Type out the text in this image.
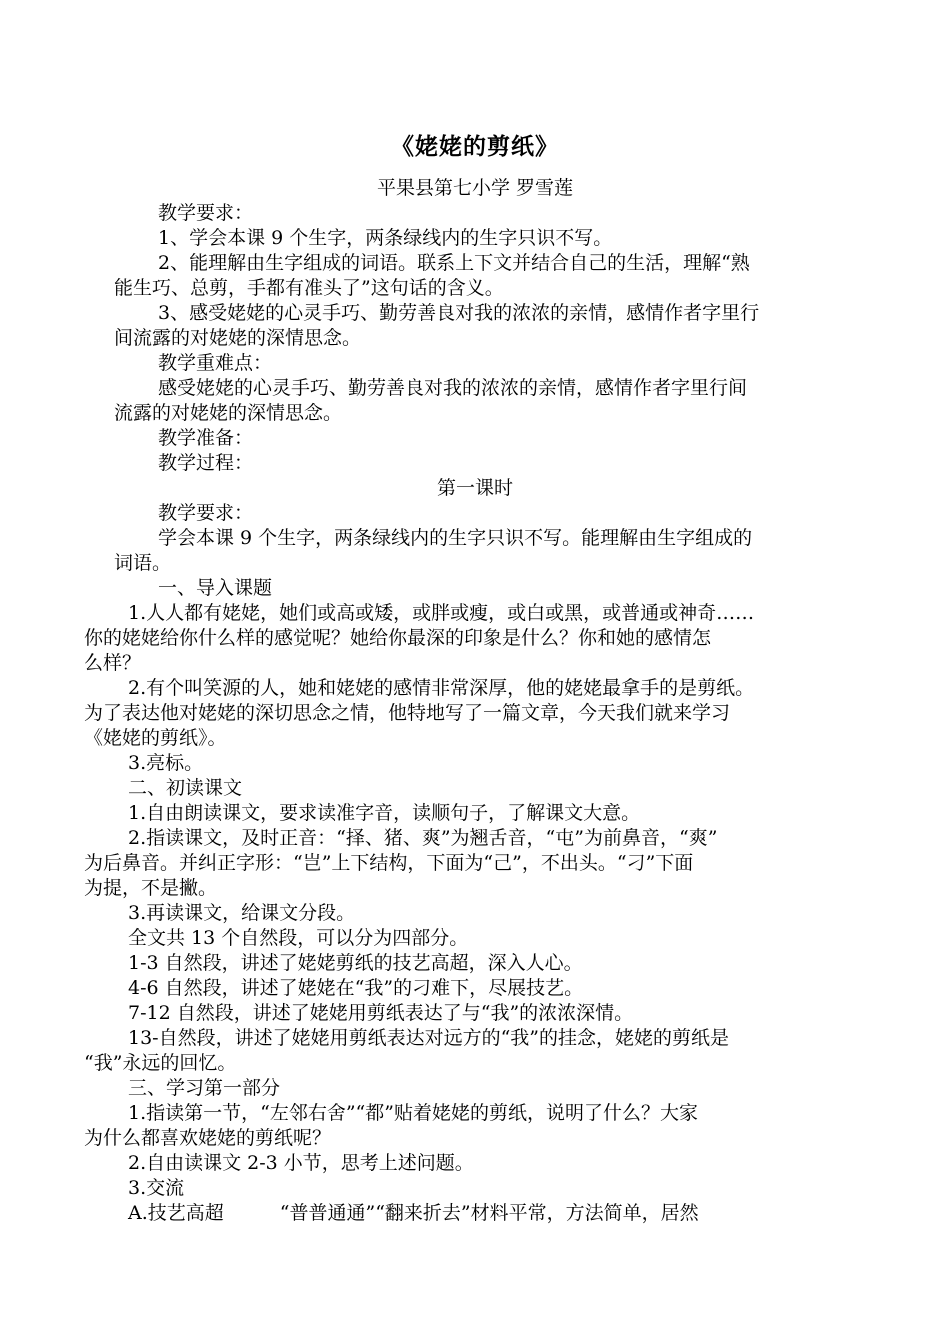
《姥姥的剪纸》
平果县第七小学 罗雪莲
教学要求：
1、学会本课 9 个生字，两条绿线内的生字只识不写。
2、能理解由生字组成的词语。联系上下文并结合自己的生活，理解“熟
能生巧、总剪，手都有准头了”这句话的含义。
3、感受姥姥的心灵手巧、勤劳善良对我的浓浓的亲情，感情作者字里行
间流露的对姥姥的深情思念。
教学重难点：
感受姥姥的心灵手巧、勤劳善良对我的浓浓的亲情，感情作者字里行间
流露的对姥姥的深情思念。
教学准备：
教学过程：
第一课时
教学要求：
学会本课 9 个生字，两条绿线内的生字只识不写。能理解由生字组成的
词语。
一、导入课题
1.人人都有姥姥，她们或高或矮，或胖或瘦，或白或黑，或普通或神奇……
你的姥姥给你什么样的感觉呢？她给你最深的印象是什么？你和她的感情怎
么样？
2.有个叫笑源的人，她和姥姥的感情非常深厚，他的姥姥最拿手的是剪纸。
为了表达他对姥姥的深切思念之情，他特地写了一篇文章，今天我们就来学习
《姥姥的剪纸》。
3.亮标。
二、初读课文
1.自由朗读课文，要求读准字音，读顺句子，了解课文大意。
2.指读课文，及时正音：“择、猪、爽”为翘舌音，“屯”为前鼻音，“爽”
为后鼻音。并纠正字形：“岂”上下结构，下面为“己”，不出头。“刁”下面
为提，不是撇。
3.再读课文，给课文分段。
全文共 13 个自然段，可以分为四部分。
1-3 自然段，讲述了姥姥剪纸的技艺高超，深入人心。
4-6 自然段，讲述了姥姥在“我”的刁难下，尽展技艺。
7-12 自然段，讲述了姥姥用剪纸表达了与“我”的浓浓深情。
13-自然段，讲述了姥姥用剪纸表达对远方的“我”的挂念，姥姥的剪纸是
“我”永远的回忆。
三、学习第一部分
1.指读第一节，“左邻右舍”“都”贴着姥姥的剪纸，说明了什么？大家
为什么都喜欢姥姥的剪纸呢？
2.自由读课文 2-3 小节，思考上述问题。
3.交流
A.技艺高超	“普普通通”“翻来折去”材料平常，方法简单，居然
